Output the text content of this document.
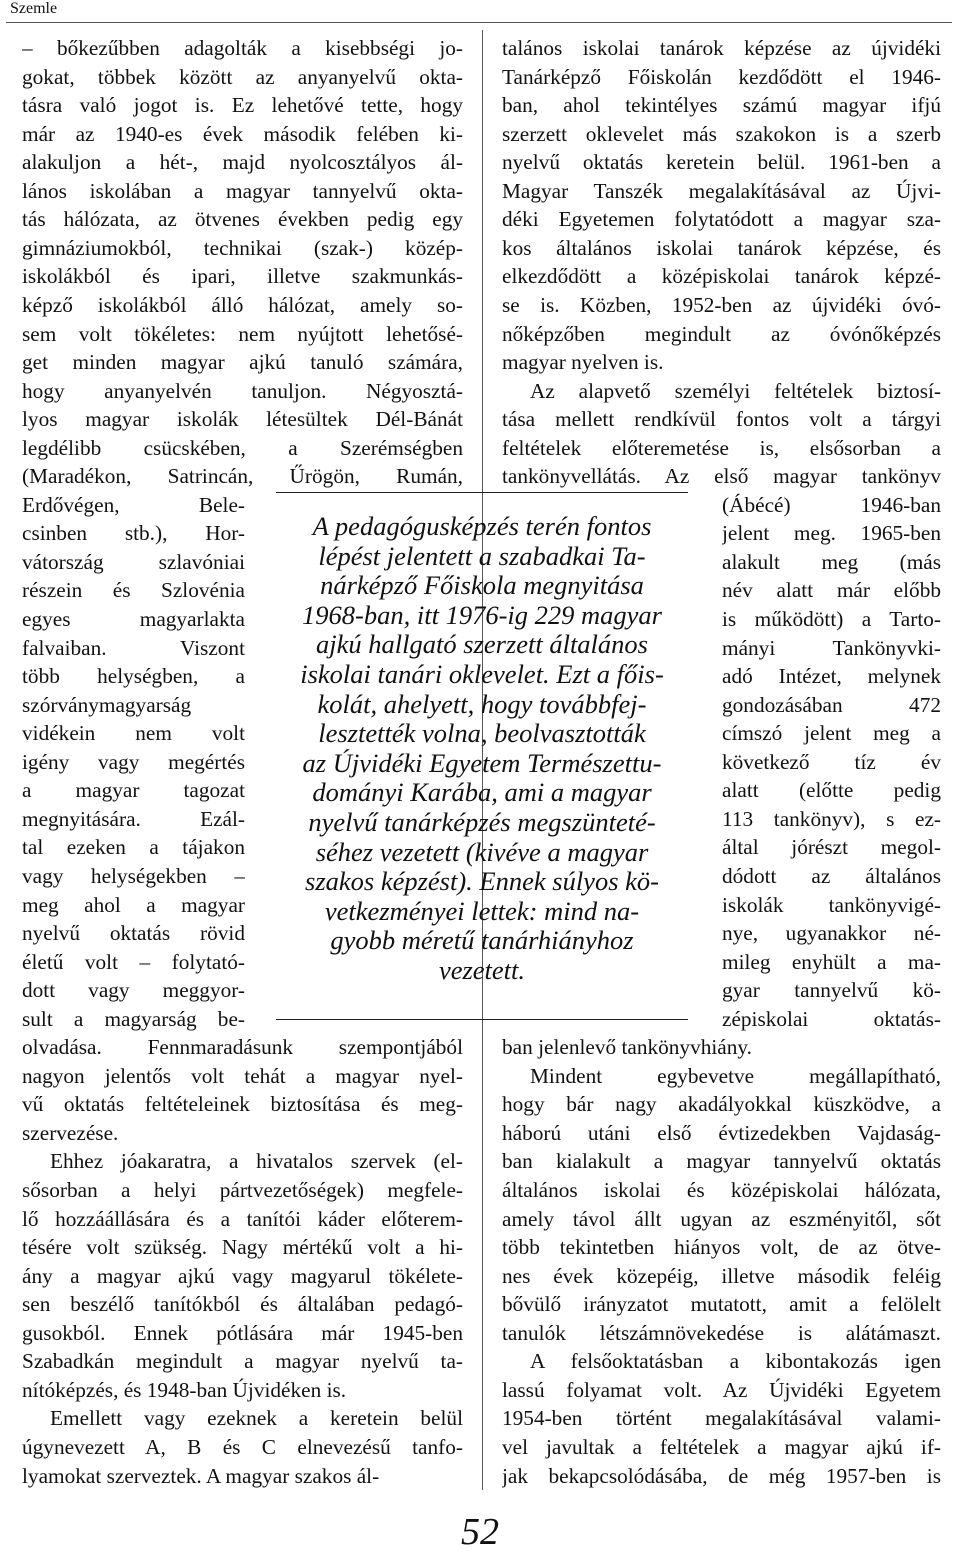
Szemle
– bőkezűbben adagolták a kisebbségi jo-
gokat, többek között az anyanyelvű okta-
tásra való jogot is. Ez lehetővé tette, hogy
már az 1940-es évek második felében ki-
alakuljon a hét-, majd nyolcosztályos ál-
lános iskolában a magyar tannyelvű okta-
tás hálózata, az ötvenes években pedig egy
gimnáziumokból, technikai (szak-) közép-
iskolákból és ipari, illetve szakmunkás-
képző iskolákból álló hálózat, amely so-
sem volt tökéletes: nem nyújtott lehetősé-
get minden magyar ajkú tanuló számára,
hogy anyanyelvén tanuljon. Négyosztá-
lyos magyar iskolák létesültek Dél-Bánát
legdélibb csücskében, a Szerémségben
(Maradékon, Satrincán, Űrögön, Rumán,
Erdővégen, Bele-
csinben stb.), Hor-
vátország szlavóniai
részein és Szlovénia
egyes magyarlakta
falvaiban. Viszont
több helységben, a
szórványmagyarság
vidékein nem volt
igény vagy megértés
a magyar tagozat
megnyitására. Ezál-
tal ezeken a tájakon
vagy helységekben –
meg ahol a magyar
nyelvű oktatás rövid
életű volt – folytató-
dott vagy meggyor-
sult a magyarság be-
olvadása. Fennmaradásunk szempontjából
nagyon jelentős volt tehát a magyar nyel-
vű oktatás feltételeinek biztosítása és meg-
szervezése.
Ehhez jóakaratra, a hivatalos szervek (el-
sősorban a helyi pártvezetőségek) megfele-
lő hozzáállására és a tanítói káder előterem-
tésére volt szükség. Nagy mértékű volt a hi-
ány a magyar ajkú vagy magyarul tökélete-
sen beszélő tanítókból és általában pedagó-
gusokból. Ennek pótlására már 1945-ben
Szabadkán megindult a magyar nyelvű ta-
nítóképzés, és 1948-ban Újvidéken is.
Emellett vagy ezeknek a keretein belül
úgynevezett A, B és C elnevezésű tanfo-
lyamokat szerveztek. A magyar szakos ál-
talános iskolai tanárok képzése az újvidéki
Tanárképző Főiskolán kezdődött el 1946-
ban, ahol tekintélyes számú magyar ifjú
szerzett oklevelet más szakokon is a szerb
nyelvű oktatás keretein belül. 1961-ben a
Magyar Tanszék megalakításával az Újvi-
déki Egyetemen folytatódott a magyar sza-
kos általános iskolai tanárok képzése, és
elkezdődött a középiskolai tanárok képzé-
se is. Közben, 1952-ben az újvidéki óvó-
nőképzőben megindult az óvónőképzés
magyar nyelven is.
Az alapvető személyi feltételek biztosí-
tása mellett rendkívül fontos volt a tárgyi
feltételek előteremetése is, elsősorban a
tankönyvellátás. Az első magyar tankönyv
(Ábécé) 1946-ban
jelent meg. 1965-ben
alakult meg (más
név alatt már előbb
is működött) a Tarto-
mányi Tankönyvki-
adó Intézet, melynek
gondozásában 472
címszó jelent meg a
következő tíz év
alatt (előtte pedig
113 tankönyv), s ez-
által jórészt megol-
dódott az általános
iskolák tankönyvigé-
nye, ugyanakkor né-
mileg enyhült a ma-
gyar tannyelvű kö-
zépiskolai oktatás-
ban jelenlevő tankönyvhiány.
Mindent egybevetve megállapítható,
hogy bár nagy akadályokkal küszködve, a
háború utáni első évtizedekben Vajdaság-
ban kialakult a magyar tannyelvű oktatás
általános iskolai és középiskolai hálózata,
amely távol állt ugyan az eszményitől, sőt
több tekintetben hiányos volt, de az ötve-
nes évek közepéig, illetve második feléig
bővülő irányzatot mutatott, amit a felölelt
tanulók létszámnövekedése is alátámaszt.
A felsőoktatásban a kibontakozás igen
lassú folyamat volt. Az Újvidéki Egyetem
1954-ben történt megalakításával valami-
vel javultak a feltételek a magyar ajkú if-
jak bekapcsolódásába, de még 1957-ben is
A pedagógusképzés terén fontos
lépést jelentett a szabadkai Ta-
nárképző Főiskola megnyitása
1968-ban, itt 1976-ig 229 magyar
ajkú hallgató szerzett általános
iskolai tanári oklevelet. Ezt a főis-
kolát, ahelyett, hogy továbbfej-
lesztették volna, beolvasztották
az Újvidéki Egyetem Természettu-
dományi Karába, ami a magyar
nyelvű tanárképzés megszüntеté-
séhez vezetett (kivéve a magyar
szakos képzést). Ennek súlyos kö-
vetkezményei lettek: mind na-
gyobb méretű tanárhiányhoz
vezetett.
52
